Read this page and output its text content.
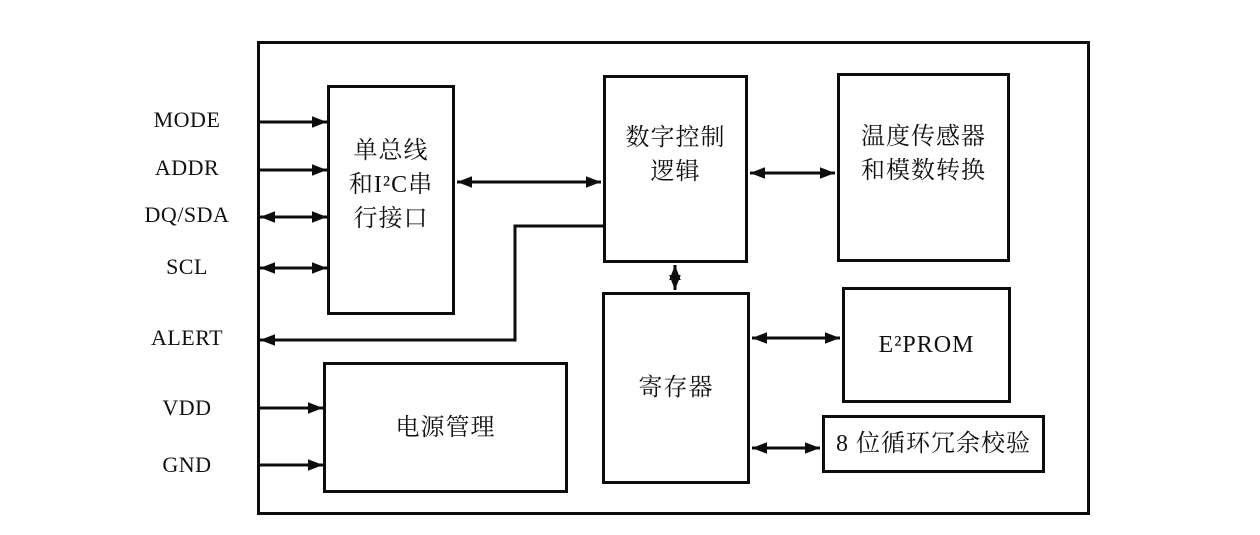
MODE
ADDR
DQ/SDA
SCL
ALERT
VDD
GND
单总线
和I²C串
行接口
数字控制
逻辑
温度传感器
和模数转换
寄存器
E²PROM
8 位循环冗余校验
电源管理
